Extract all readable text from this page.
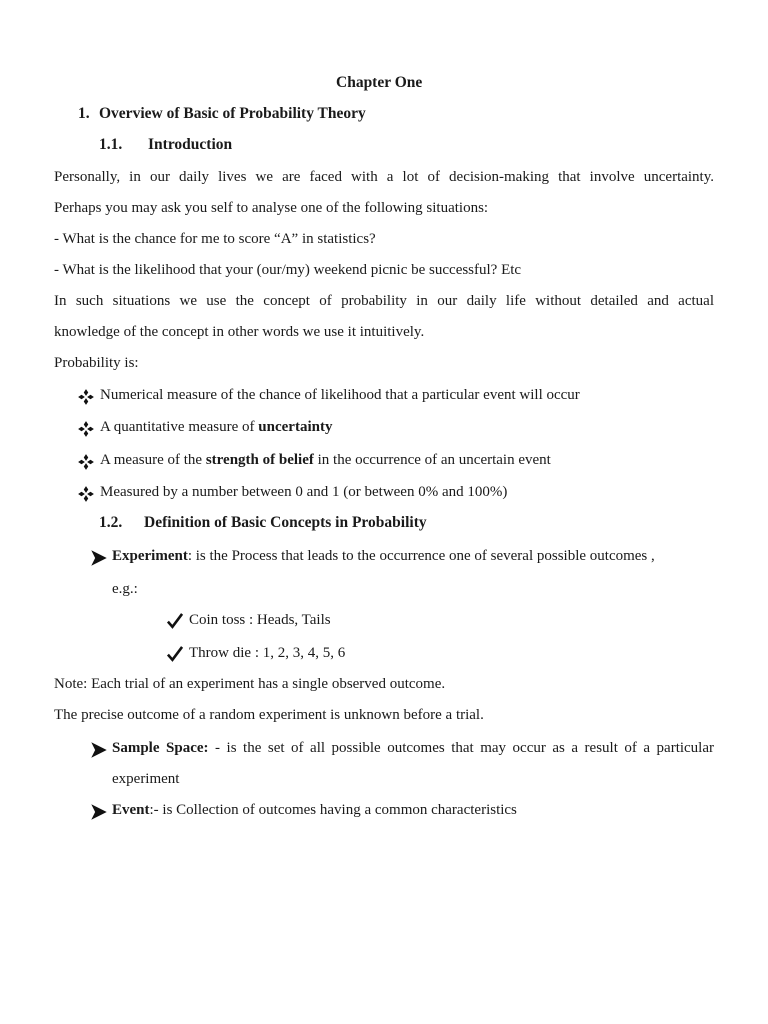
Chapter One
1. Overview of Basic of Probability Theory
1.1. Introduction
Personally, in our daily lives we are faced with a lot of decision-making that involve uncertainty.
Perhaps you may ask you self to analyse one of the following situations:
- What is the chance for me to score “A” in statistics?
- What is the likelihood that your (our/my) weekend picnic be successful? Etc
In such situations we use the concept of probability in our daily life without detailed and actual
knowledge of the concept in other words we use it intuitively.
Probability is:
Numerical measure of the chance of likelihood that a particular event will occur
A quantitative measure of uncertainty
A measure of the strength of belief in the occurrence of an uncertain event
Measured by a number between 0 and 1 (or between 0% and 100%)
1.2. Definition of Basic Concepts in Probability
Experiment: is the Process that leads to the occurrence one of several possible outcomes ,
e.g.:
Coin toss : Heads, Tails
Throw die : 1, 2, 3, 4, 5, 6
Note: Each trial of an experiment has a single observed outcome.
The precise outcome of a random experiment is unknown before a trial.
Sample Space: - is the set of all possible outcomes that may occur as a result of a particular
experiment
Event:- is Collection of outcomes having a common characteristics
